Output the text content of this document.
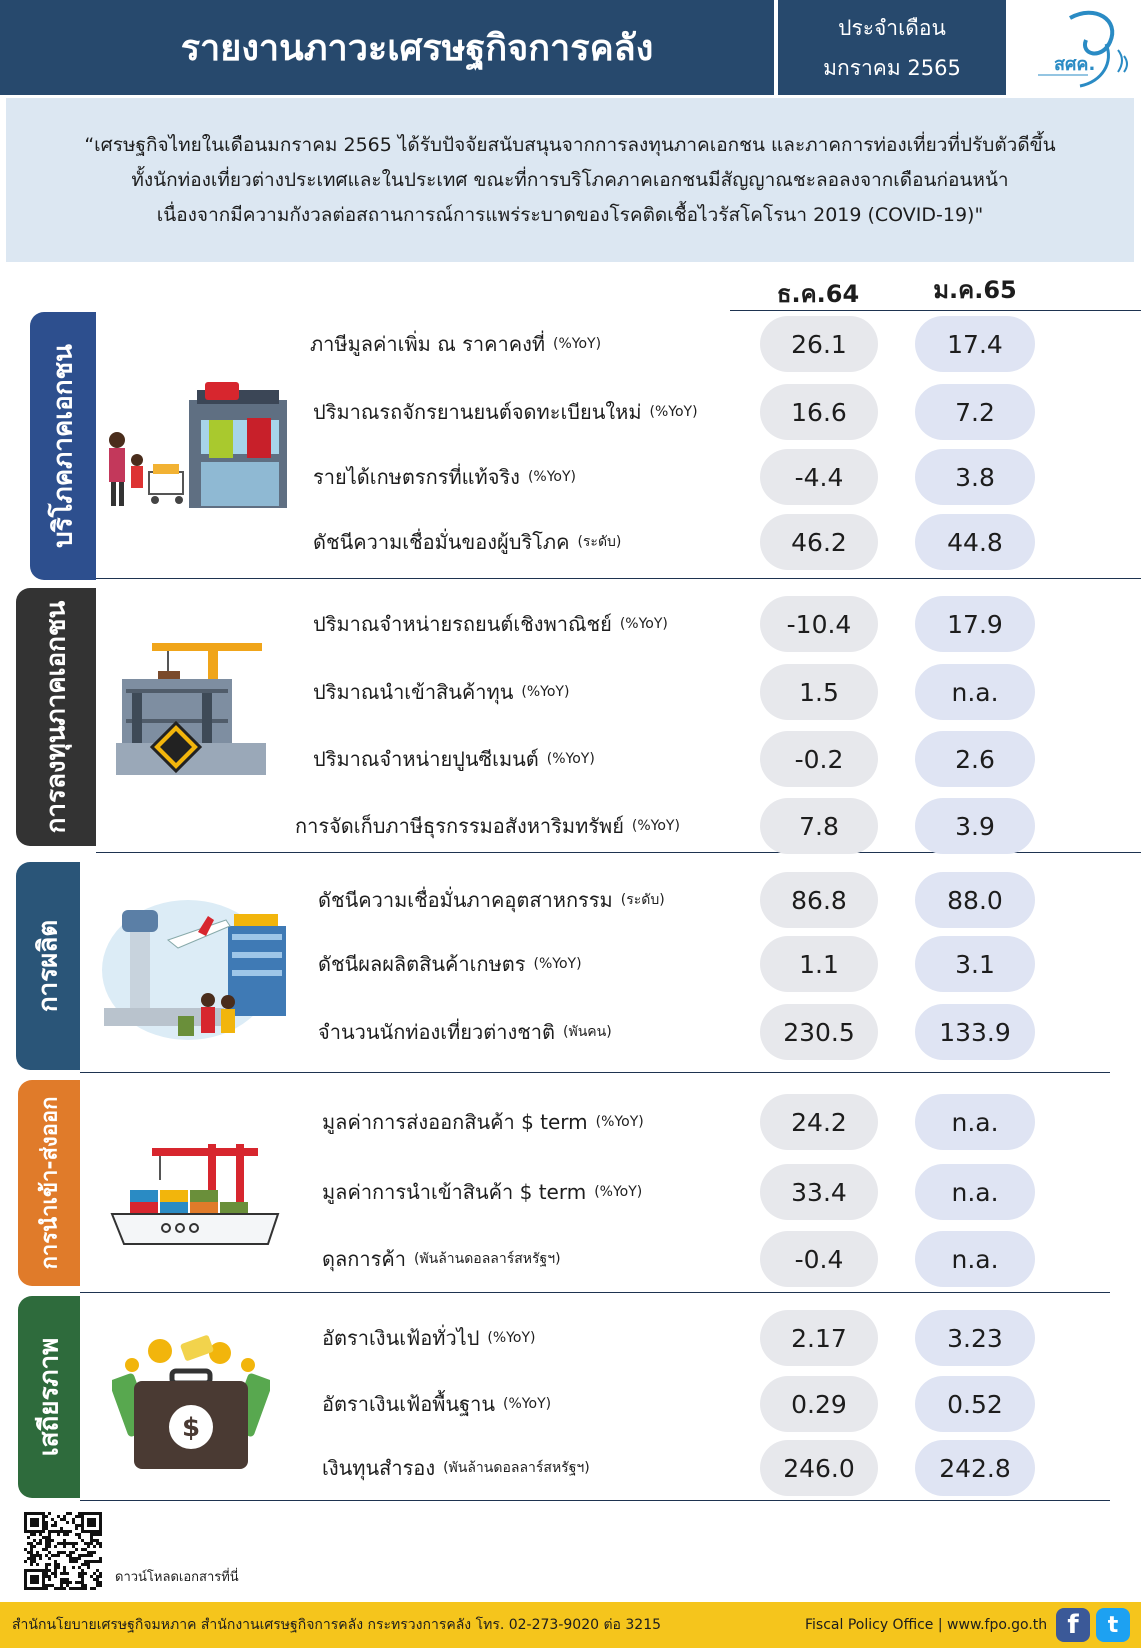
รายงานภาวะเศรษฐกิจการคลัง
ประจำเดือน
มกราคม 2565	สศค.
“เศรษฐกิจไทยในเดือนมกราคม 2565 ได้รับปัจจัยสนับสนุนจากการลงทุนภาคเอกชน และภาคการท่องเที่ยวที่ปรับตัวดีขึ้น
ทั้งนักท่องเที่ยวต่างประเทศและในประเทศ ขณะที่การบริโภคภาคเอกชนมีสัญญาณชะลอลงจากเดือนก่อนหน้า
เนื่องจากมีความกังวลต่อสถานการณ์การแพร่ระบาดของโรคติดเชื้อไวรัสโคโรนา 2019 (COVID-19)"
ธ.ค.64	ม.ค.65
บริโภคภาคเอกชน
การลงทุนภาคเอกชน
การผลิต
การนำเข้า-ส่งออก
เสถียรภาพ	$
ภาษีมูลค่าเพิ่ม ณ ราคาคงที่ (%YoY)	26.1	17.4
ปริมาณรถจักรยานยนต์จดทะเบียนใหม่ (%YoY)	16.6	7.2
รายได้เกษตรกรที่แท้จริง (%YoY)	-4.4	3.8
ดัชนีความเชื่อมั่นของผู้บริโภค (ระดับ)	46.2	44.8
ปริมาณจำหน่ายรถยนต์เชิงพาณิชย์ (%YoY)	-10.4	17.9
ปริมาณนำเข้าสินค้าทุน (%YoY)	1.5	n.a.
ปริมาณจำหน่ายปูนซีเมนต์ (%YoY)	-0.2	2.6
การจัดเก็บภาษีธุรกรรมอสังหาริมทรัพย์ (%YoY)	7.8	3.9
ดัชนีความเชื่อมั่นภาคอุตสาหกรรม (ระดับ)	86.8	88.0
ดัชนีผลผลิตสินค้าเกษตร (%YoY)	1.1	3.1
จำนวนนักท่องเที่ยวต่างชาติ (พันคน)	230.5	133.9
มูลค่าการส่งออกสินค้า $ term (%YoY)	24.2	n.a.
มูลค่าการนำเข้าสินค้า $ term (%YoY)	33.4	n.a.
ดุลการค้า (พันล้านดอลลาร์สหรัฐฯ)	-0.4	n.a.
อัตราเงินเฟ้อทั่วไป (%YoY)	2.17	3.23
อัตราเงินเฟ้อพื้นฐาน (%YoY)	0.29	0.52
เงินทุนสำรอง (พันล้านดอลลาร์สหรัฐฯ)	246.0	242.8
ดาวน์โหลดเอกสารที่นี่
สำนักนโยบายเศรษฐกิจมหภาค สำนักงานเศรษฐกิจการคลัง กระทรวงการคลัง โทร. 02-273-9020 ต่อ 3215	Fiscal Policy Office | www.fpo.go.th f	t
